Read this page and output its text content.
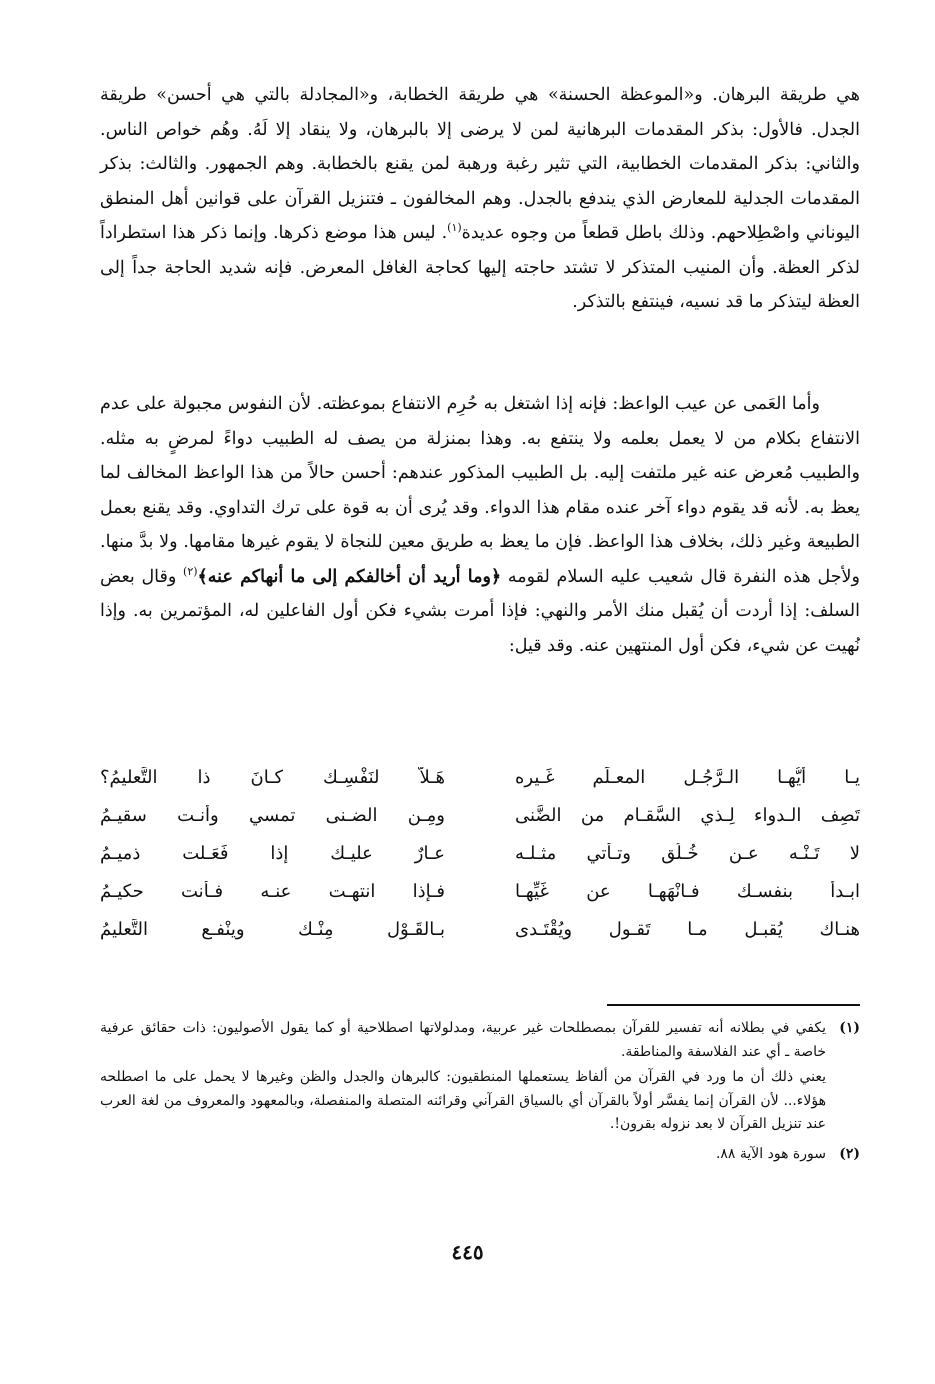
هي طريقة البرهان. و«الموعظة الحسنة» هي طريقة الخطابة، و«المجادلة بالتي هي أحسن» طريقة الجدل. فالأول: بذكر المقدمات البرهانية لمن لا يرضى إلا بالبرهان، ولا ينقاد إلا لَهُ. وهُم خواص الناس. والثاني: بذكر المقدمات الخطابية، التي تثير رغبة ورهبة لمن يقنع بالخطابة. وهم الجمهور. والثالث: بذكر المقدمات الجدلية للمعارض الذي يندفع بالجدل. وهم المخالفون ـ فتنزيل القرآن على قوانين أهل المنطق اليوناني واصْطِلاحهم. وذلك باطل قطعاً من وجوه عديدة$^{(١)}$. ليس هذا موضع ذكرها. وإنما ذكر هذا استطراداً لذكر العظة. وأن المنيب المتذكر لا تشتد حاجته إليها كحاجة الغافل المعرض. فإنه شديد الحاجة جداً إلى العظة ليتذكر ما قد نسيه، فينتفع بالتذكر.
وأما العَمى عن عيب الواعظ: فإنه إذا اشتغل به حُرِم الانتفاع بموعظته. لأن النفوس مجبولة على عدم الانتفاع بكلام من لا يعمل بعلمه ولا ينتفع به. وهذا بمنزلة من يصف له الطبيب دواءً لمرضٍ به مثله. والطبيب مُعرض عنه غير ملتفت إليه. بل الطبيب المذكور عندهم: أحسن حالاً من هذا الواعظ المخالف لما يعظ به. لأنه قد يقوم دواء آخر عنده مقام هذا الدواء. وقد يُرى أن به قوة على ترك التداوي. وقد يقنع بعمل الطبيعة وغير ذلك، بخلاف هذا الواعظ. فإن ما يعظ به طريق معين للنجاة لا يقوم غيرها مقامها. ولا بدَّ منها. ولأجل هذه النفرة قال شعيب عليه السلام لقومه ﴿وما أريد أن أخالفكم إلى ما أنهاكم عنه﴾$^{(٢)}$ وقال بعض السلف: إذا أردت أن يُقبل منك الأمر والنهي: فإذا أمرت بشيء فكن أول الفاعلين له، المؤتمرين به. وإذا نُهيت عن شيء، فكن أول المنتهين عنه. وقد قيل:
يـا أيُّهـا الـرَّجُـل المعـلِّم غَـيره
هَـلاَّ لنَفْسِـك كـانَ ذا التَّعليمُ؟
تَصِف الـدواء لِـذي السَّقـام من الضَّنى
ومِـن الضـنى تمسي وأنـت سقيـمُ
لا تَـنْـه عـن خُـلُق وتـأتي مثـلـه
عـارٌ عليـك إذا فَعَـلت ذميـمُ
ابـدأ بنفسـك فـانْهَهـا عن غَيِّهـا
فـإذا انتهـت عنـه فـأنت حكيـمُ
هنـاك يُقبـل مـا تَقـول ويُقْتَـدى
بـالقَـوْل مِنْـك وينْفـع التَّعليمُ
(١)

يكفي في بطلانه أنه تفسير للقرآن بمصطلحات غير عربية، ومدلولاتها اصطلاحية أو كما يقول الأصوليون: ذات حقائق عرفية خاصة ـ أي عند الفلاسفة والمناطقة.

يعني ذلك أن ما ورد في القرآن من ألفاظ يستعملها المنطقيون: كالبرهان والجدل والظن وغيرها لا يحمل على ما اصطلحه هؤلاء... لأن القرآن إنما يفسَّر أولاً بالقرآن أي بالسياق القرآني وقرائنه المتصلة والمنفصلة، وبالمعهود والمعروف من لغة العرب عند تنزيل القرآن لا بعد نزوله بقرون!.

(٢)

سورة هود الآية ٨٨.

٤٤٥
